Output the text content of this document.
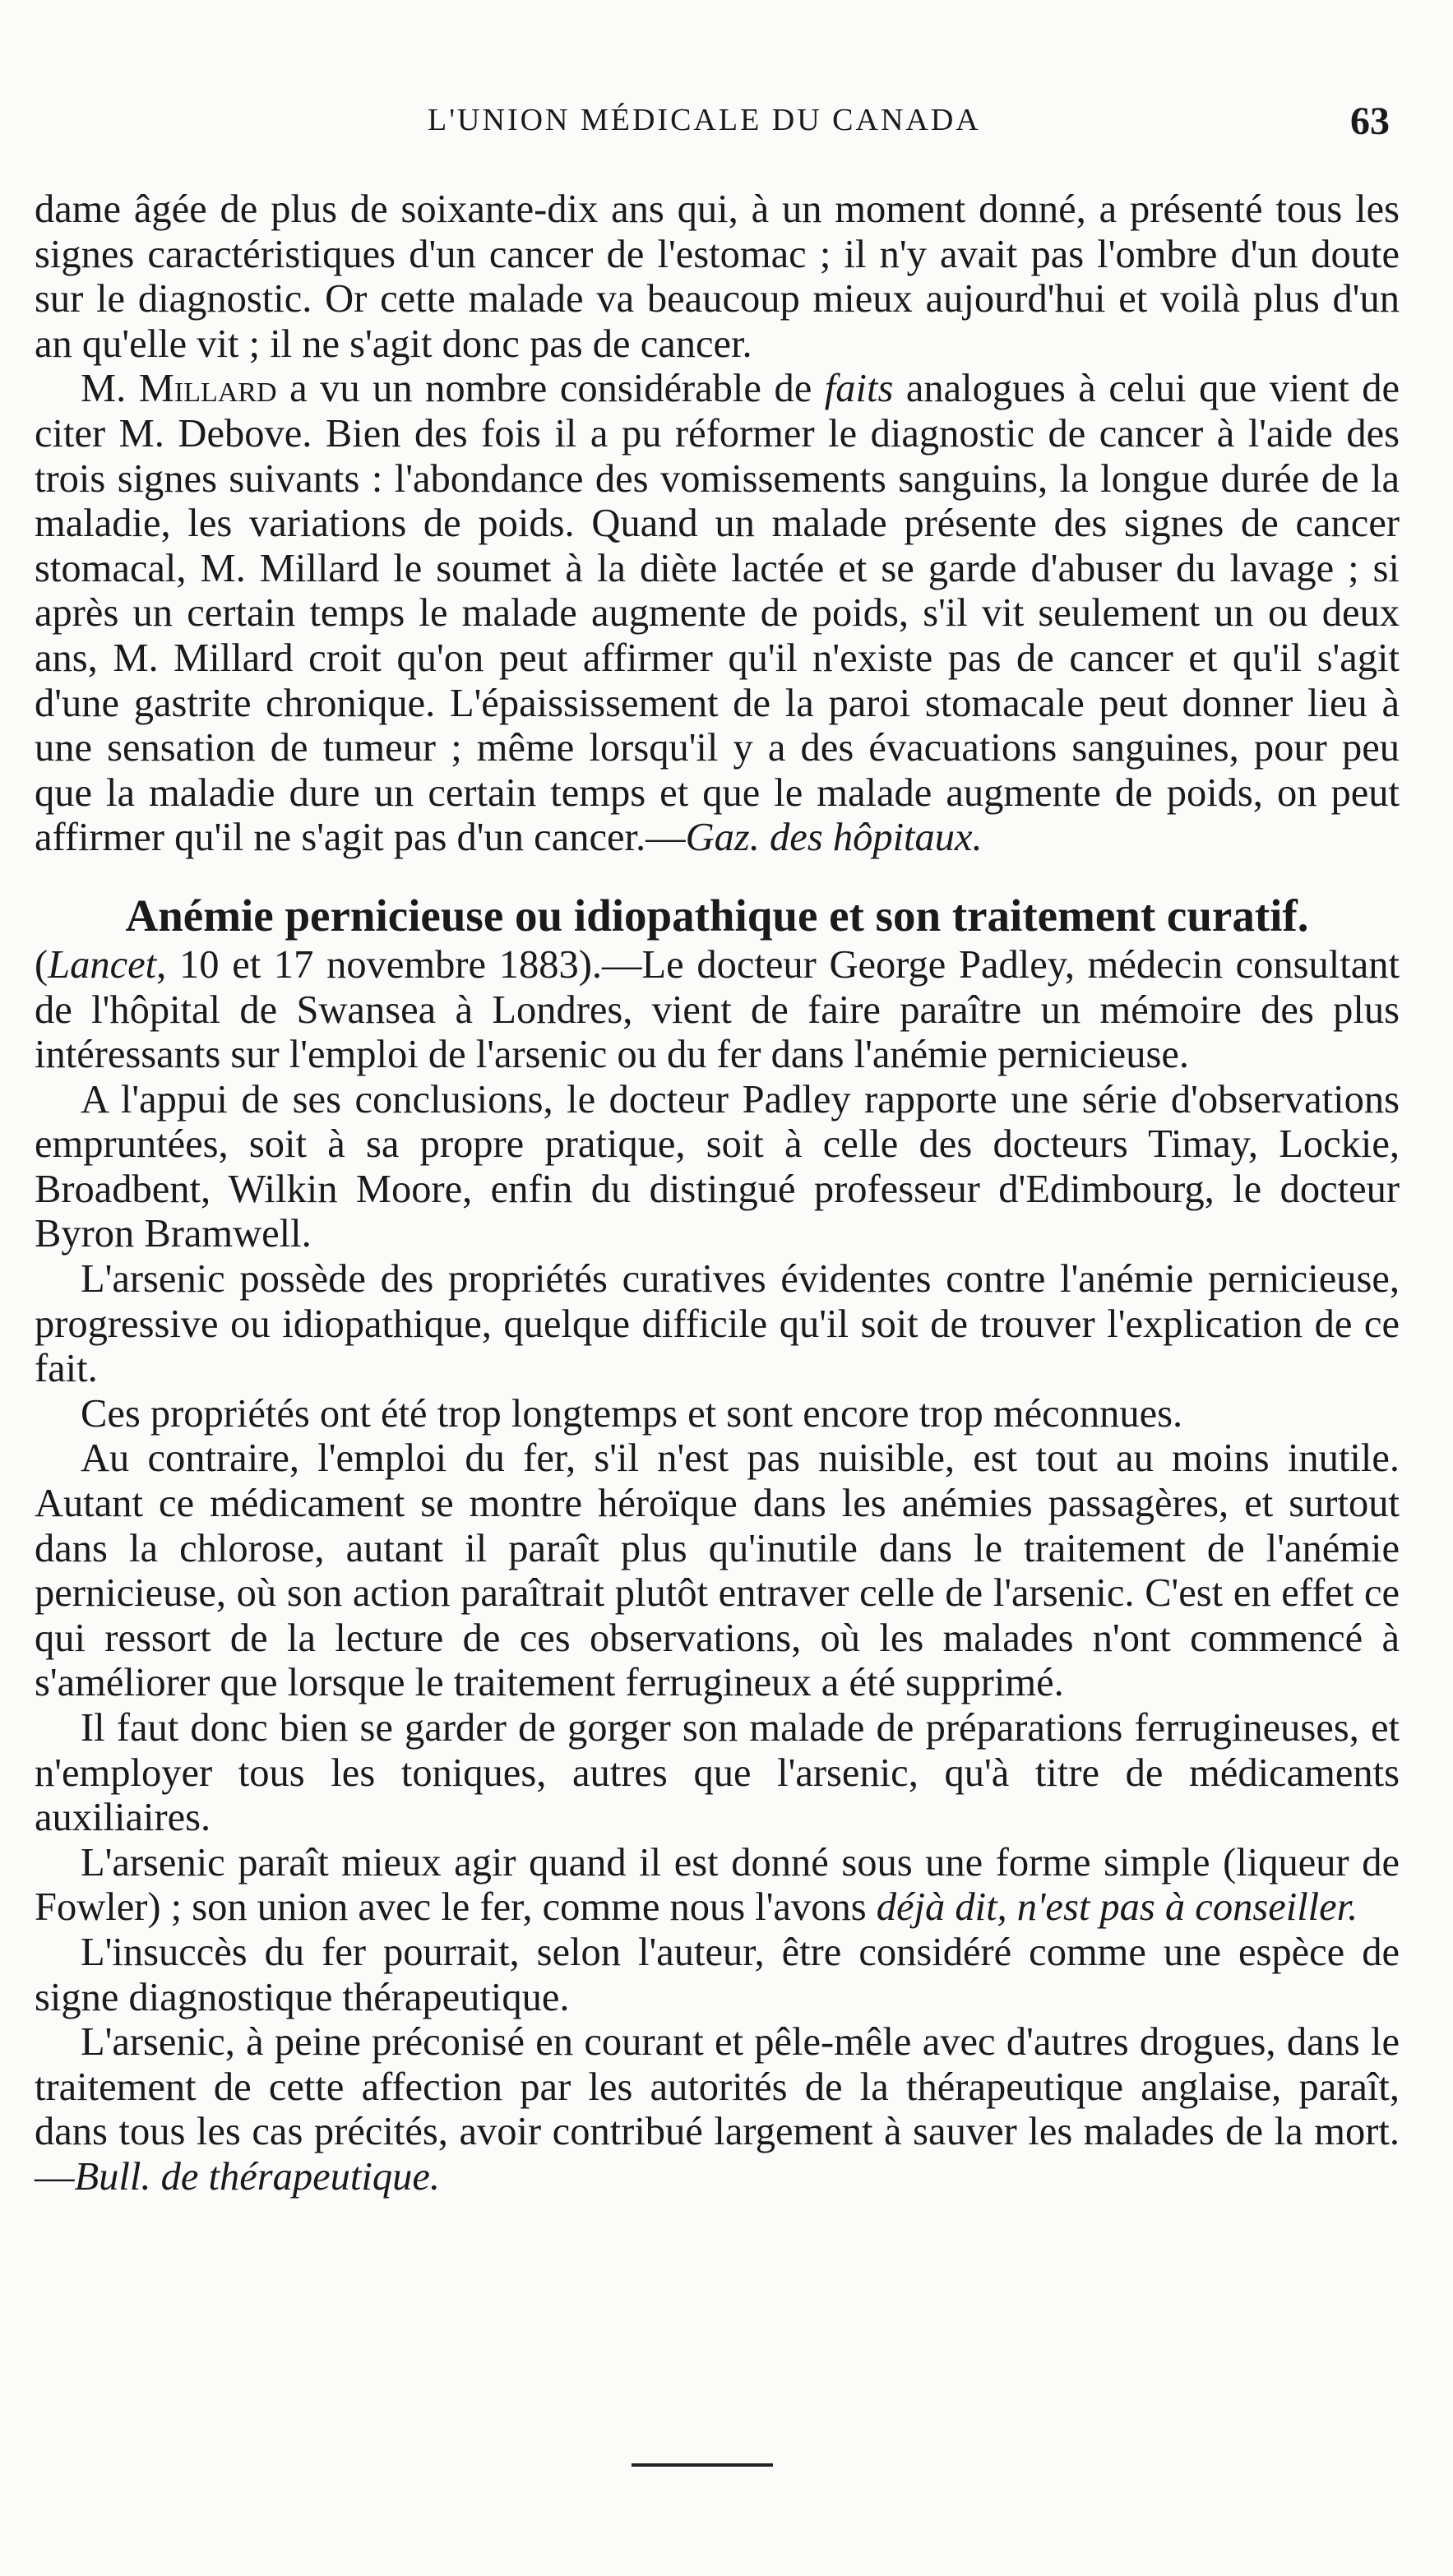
L'UNION MÉDICALE DU CANADA	63

dame âgée de plus de soixante-dix ans qui, à un moment donné, a présenté tous les signes caractéristiques d'un cancer de l'estomac ; il n'y avait pas l'ombre d'un doute sur le diagnostic. Or cette malade va beaucoup mieux aujourd'hui et voilà plus d'un an qu'elle vit ; il ne s'agit donc pas de cancer.

M. Millard a vu un nombre considérable de faits analogues à celui que vient de citer M. Debove. Bien des fois il a pu réformer le diagnostic de cancer à l'aide des trois signes suivants : l'abondance des vomissements sanguins, la longue durée de la maladie, les variations de poids. Quand un malade présente des signes de cancer stomacal, M. Millard le soumet à la diète lactée et se garde d'abuser du lavage ; si après un certain temps le malade augmente de poids, s'il vit seulement un ou deux ans, M. Millard croit qu'on peut affirmer qu'il n'existe pas de cancer et qu'il s'agit d'une gastrite chronique. L'épaississement de la paroi stomacale peut donner lieu à une sensation de tumeur ; même lorsqu'il y a des évacuations sanguines, pour peu que la maladie dure un certain temps et que le malade augmente de poids, on peut affirmer qu'il ne s'agit pas d'un cancer.—Gaz. des hôpitaux.

Anémie pernicieuse ou idiopathique et son traitement curatif.

(Lancet, 10 et 17 novembre 1883).—Le docteur George Padley, médecin consultant de l'hôpital de Swansea à Londres, vient de faire paraître un mémoire des plus intéressants sur l'emploi de l'arsenic ou du fer dans l'anémie pernicieuse.

A l'appui de ses conclusions, le docteur Padley rapporte une série d'observations empruntées, soit à sa propre pratique, soit à celle des docteurs Timay, Lockie, Broadbent, Wilkin Moore, enfin du distingué professeur d'Edimbourg, le docteur Byron Bramwell.

L'arsenic possède des propriétés curatives évidentes contre l'anémie pernicieuse, progressive ou idiopathique, quelque difficile qu'il soit de trouver l'explication de ce fait.

Ces propriétés ont été trop longtemps et sont encore trop méconnues.

Au contraire, l'emploi du fer, s'il n'est pas nuisible, est tout au moins inutile. Autant ce médicament se montre héroïque dans les anémies passagères, et surtout dans la chlorose, autant il paraît plus qu'inutile dans le traitement de l'anémie pernicieuse, où son action paraîtrait plutôt entraver celle de l'arsenic. C'est en effet ce qui ressort de la lecture de ces observations, où les malades n'ont commencé à s'améliorer que lorsque le traitement ferrugineux a été supprimé.

Il faut donc bien se garder de gorger son malade de préparations ferrugineuses, et n'employer tous les toniques, autres que l'arsenic, qu'à titre de médicaments auxiliaires.

L'arsenic paraît mieux agir quand il est donné sous une forme simple (liqueur de Fowler) ; son union avec le fer, comme nous l'avons déjà dit, n'est pas à conseiller.

L'insuccès du fer pourrait, selon l'auteur, être considéré comme une espèce de signe diagnostique thérapeutique.

L'arsenic, à peine préconisé en courant et pêle-mêle avec d'autres drogues, dans le traitement de cette affection par les autorités de la thérapeutique anglaise, paraît, dans tous les cas précités, avoir contribué largement à sauver les malades de la mort.—Bull. de thérapeutique.
